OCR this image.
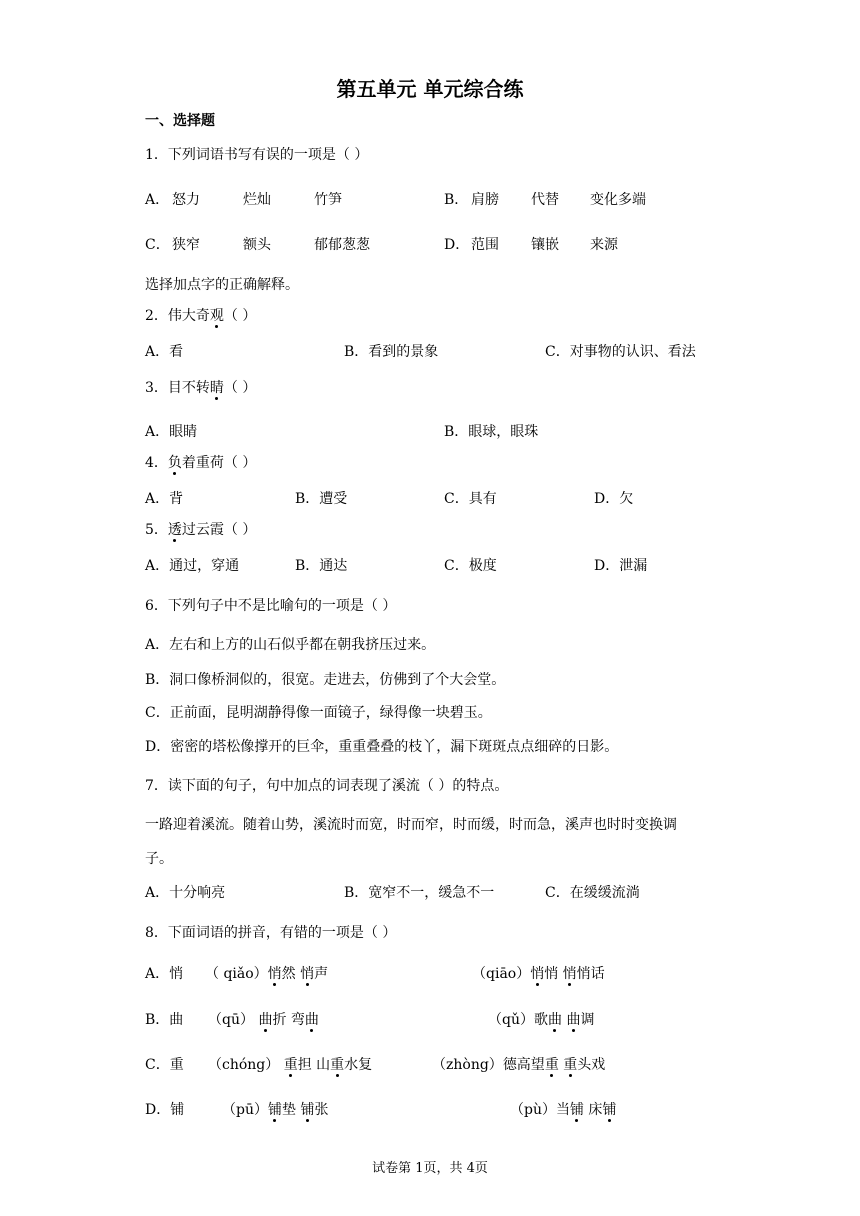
第五单元 单元综合练
一、选择题
1．下列词语书写有误的一项是（ ）
A． 怒力	烂灿	竹笋	B． 肩膀 代替 变化多端
C． 狭窄	额头	郁郁葱葱	D． 范围 镶嵌 来源
选择加点字的正确解释。
2．伟大奇观（ ）
A．看	B．看到的景象	C．对事物的认识、看法
3．目不转睛（ ）
A．眼睛	B．眼球，眼珠
4．负着重荷（ ）
A．背	B．遭受	C．具有	D．欠
5．透过云霞（ ）
A．通过，穿通	B．通达	C．极度	D．泄漏
6．下列句子中不是比喻句的一项是（ ）
A．左右和上方的山石似乎都在朝我挤压过来。
B．洞口像桥洞似的，很宽。走进去，仿佛到了个大会堂。
C．正前面，昆明湖静得像一面镜子，绿得像一块碧玉。
D．密密的塔松像撑开的巨伞，重重叠叠的枝丫，漏下斑斑点点细碎的日影。
7．读下面的句子，句中加点的词表现了溪流（ ）的特点。
一路迎着溪流。随着山势，溪流时而宽，时而窄，时而缓，时而急，溪声也时时变换调
子。
A．十分响亮	B．宽窄不一，缓急不一	C．在缓缓流淌
8．下面词语的拼音，有错的一项是（ ）
A．悄 （ qiǎo）悄然 悄声	（qiāo）悄悄 悄悄话
B．曲 （qū） 曲折 弯曲	（qǔ）歌曲 曲调
C．重 （chóng） 重担 山重水复	（zhòng）德高望重 重头戏
D．铺	（pū）铺垫 铺张	（pù）当铺 床铺
试卷第 1页，共 4页
